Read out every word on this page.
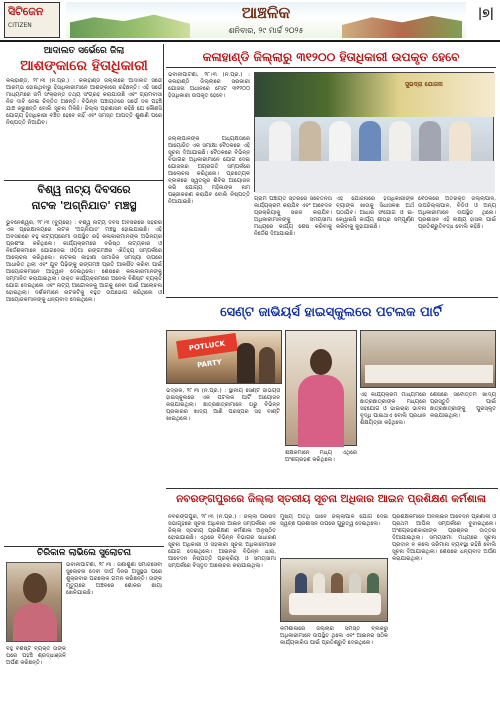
ସିଟିଜେନ
CITIZEN
ଆଞ୍ଚଳିକ
ଶନିବାର, ୨୯ ମାର୍ଚ୍ଚ ୨୦୨୫
|୭|
ଆଦାଲତ ସର୍ଭେରେ ଜିଲା
ଆଶଙ୍କାରେ ହିତାଧିକାରୀ
କଳାହାଣ୍ଡି, ୨୮।୩ (ନି.ପ୍ର.) : କଳାହାଣ୍ଡି ଜିଲ୍ଲାରେ ଆଦାଲତ ସର୍ଭେ ଆରମ୍ଭ ହୋଇଥିବାରୁ ହିତାଧିକାରୀମାନେ ଆଶଙ୍କାରେ ରହିଛନ୍ତି। ଏହି ସର୍ଭେ ମାଧ୍ୟମରେ ଜମି ସଂକ୍ରାନ୍ତ ତଥ୍ୟ ସଂଗ୍ରହ କରାଯାଉଛି ଏବଂ ଗ୍ରାମବାସୀ ନିଜ ଦାବି ନେଇ ଚିନ୍ତିତ ଅଛନ୍ତି। ବିଭିନ୍ନ ପଞ୍ଚାୟତରେ ସର୍ଭେ ଦଳ ପହଞ୍ଚି ଯାଞ୍ଚ କରୁଛନ୍ତି ବୋଲି ସୂଚନା ମିଳିଛି। ଜିଲ୍ଲା ପ୍ରଶାସନ କହିଛି ଯେ କୌଣସି ଯୋଗ୍ୟ ହିତାଧିକାରୀ ବଞ୍ଚିତ ହେବେ ନାହିଁ ଏବଂ ସମସ୍ତ ଆପତ୍ତି ଶୁଣାଣି ପରେ ନିଷ୍ପତ୍ତି ନିଆଯିବ।
ବିଶ୍ୱ ନାଟ୍ୟ ଦିବସରେ
ନାଟକ 'ଅଗ୍ନିଯାତ' ମଞ୍ଚସ୍ଥ
ଭୁବନେଶ୍ୱର, ୨୮।୩ (ବ୍ୟୁରୋ) : ବିଶ୍ୱ ନାଟ୍ୟ ଦିବସ ଅବସରରେ ସହରର ଏକ ପ୍ରେକ୍ଷାଳୟରେ ନାଟକ 'ଅଗ୍ନିଯାତ' ମଞ୍ଚସ୍ଥ ହୋଇଯାଇଛି। ଏହି ଅବସରରେ ବହୁ ନାଟ୍ୟପ୍ରେମୀ ଉପସ୍ଥିତ ରହି କଳାକାରମାନଙ୍କ ଅଭିନୟର ପ୍ରଶଂସା କରିଥିଲେ। କାର୍ଯ୍ୟକ୍ରମରେ ବରିଷ୍ଠ ନାଟ୍ୟକାର ଓ ନିର୍ଦ୍ଦେଶକମାନେ ଯୋଗଦେଇ ଓଡ଼ିଆ ରଙ୍ଗମଞ୍ଚର ଐତିହ୍ୟ ସମ୍ପର୍କରେ ଆଲୋଚନା କରିଥିଲେ। ନାଟକର କାହାଣୀ ସାମାଜିକ ସମସ୍ୟା ଉପରେ ଆଧାରିତ ଥିଲା ଏବଂ ଯୁବ ପିଢ଼ିଙ୍କୁ ରଙ୍ଗମଞ୍ଚ ପ୍ରତି ଆକର୍ଷିତ କରିବା ପାଇଁ ଆୟୋଜକମାନେ ଆହ୍ୱାନ ଦେଇଥିଲେ। ଶେଷରେ କଳାକାରମାନଙ୍କୁ ସମ୍ମାନିତ କରାଯାଇଥିଲା। ଉକ୍ତ କାର୍ଯ୍ୟକ୍ରମରେ ଅନେକ ବିଶିଷ୍ଟ ବ୍ୟକ୍ତି ଯୋଗ ଦେଇଥିଲେ ଏବଂ ନାଟ୍ୟ ଆନ୍ଦୋଳନକୁ ଆଗକୁ ନେବା ପାଇଁ ଆଲୋଚନା ହୋଇଥିଲା। ଦର୍ଶକମାନେ ନାଟକଟିକୁ ବହୁତ ଉପଭୋଗ କରିଥିଲେ ଓ ଆୟୋଜକମାନଙ୍କୁ ଧନ୍ୟବାଦ ଦେଇଥିଲେ।
ଚିରିକାଳ ଲାଭିଲେ ସୁଲୋଚନା
ଭବାନୀପାଟଣା, ୨୮।୩ : ଜଣାଶୁଣା ସମାଜସେବୀ ସୁଲୋଚନା ଦେବୀ ଦୀର୍ଘ ଦିନର ଅସୁସ୍ଥତା ପରେ ଶୁକ୍ରବାର ପରଲୋକ ଗମନ କରିଛନ୍ତି। ତାଙ୍କ ମୃତ୍ୟୁରେ ଅଞ୍ଚଳରେ ଶୋକର ଛାୟା ଖେଳିଯାଇଛି।
ବହୁ ବିଶିଷ୍ଟ ବ୍ୟକ୍ତି ତାଙ୍କ ଘରେ ପହଞ୍ଚି ଶ୍ରଦ୍ଧାଞ୍ଜଳି ଅର୍ପଣ କରିଛନ୍ତି।
କଳାହାଣ୍ଡି ଜିଲ୍ଲାରୁ ୩୧୨୦୦ ହିତାଧିକାରୀ ଉପକୃତ ହେବେ
ଭବାନୀପାଟଣା, ୨୮।୩ (ନି.ପ୍ର.) : କଳାହାଣ୍ଡି ଜିଲ୍ଲାରେ ସରକାରୀ ଯୋଜନା ଅଧୀନରେ ମୋଟ ୩୧୨୦୦ ହିତାଧିକାରୀ ଉପକୃତ ହେବେ।
ସୁଭଦ୍ରା ଯୋଜନା
ଜିଲ୍ଲାପାଳଙ୍କ ଅଧ୍ୟକ୍ଷତାରେ ଆୟୋଜିତ ଏକ ସମୀକ୍ଷା ବୈଠକରେ ଏହି ସୂଚନା ଦିଆଯାଇଛି। ବୈଠକରେ ବିଭିନ୍ନ ବିଭାଗର ଅଧିକାରୀମାନେ ଯୋଗ ଦେଇ ଯୋଜନାର ଅଗ୍ରଗତି ସମ୍ପର୍କରେ ଆଲୋଚନା କରିଥିଲେ। ପ୍ରତ୍ୟେକ ବ୍ଲକରେ ସ୍ୱତନ୍ତ୍ର ଶିବିର ଆୟୋଜନ କରି ଯୋଗ୍ୟ ମହିଳାଙ୍କ ନାମ ପଞ୍ଜୀକରଣ କରାଯିବ ବୋଲି ନିଷ୍ପତ୍ତି ନିଆଯାଇଛି।	ଗ୍ରାମ ପଞ୍ଚାୟତ ସ୍ତରରେ ସଚେତନତା କାର୍ଯ୍ୟକ୍ରମ କରାଯିବ ଏବଂ ଆବେଦନ ପ୍ରକ୍ରିୟାକୁ ସରଳ କରାଯିବ। ଅଧିକାରୀମାନଙ୍କୁ ସମୟସୀମା ମଧ୍ୟରେ କାର୍ଯ୍ୟ ଶେଷ କରିବାକୁ ନିର୍ଦ୍ଦେଶ ଦିଆଯାଇଛି।
ଏହି ଯୋଜନାରେ ହିତାଧିକାରୀଙ୍କ ବ୍ୟାଙ୍କ ଖାତାକୁ ସିଧାସଳଖ ଅର୍ଥ ପଠାଯିବ। ଆଧାର ସଂଯୋଗ ଓ ଇ-କେୱାଇସି କାର୍ଯ୍ୟ ଶୀଘ୍ର ସମ୍ପୂର୍ଣ୍ଣ କରିବାକୁ କୁହାଯାଇଛି।
ବୈଠକରେ ଅତିରିକ୍ତ ଜିଲ୍ଲାପାଳ, ଉପଜିଲ୍ଲାପାଳ, ବିଡିଓ ଓ ଅନ୍ୟ ଅଧିକାରୀମାନେ ଉପସ୍ଥିତ ଥିଲେ। ପ୍ରଶାସନ ଏହି ଲକ୍ଷ୍ୟ ହାସଲ ପାଇଁ ପ୍ରତିଶ୍ରୁତିବଦ୍ଧ ବୋଲି କହିଛି।
ସେଣ୍ଟ ଜାଭିୟର୍ସ ହାଇସ୍କୁଲରେ ପଟଲକ ପାର୍ଟି
POTLUCK PARTY
ଭଦ୍ରକ, ୨୮।୩ (ନି.ପ୍ର.) : ସ୍ଥାନୀୟ ସେଣ୍ଟ ଜାଭିୟର୍ସ ହାଇସ୍କୁଲରେ ଏକ ପଟଲକ ପାର୍ଟି ଆୟୋଜନ କରାଯାଇଥିଲା। ଛାତ୍ରଛାତ୍ରୀମାନେ ଘରୁ ବିଭିନ୍ନ ପ୍ରକାରର ଖାଦ୍ୟ ଆଣି ପରସ୍ପର ସହ ବାଣ୍ଟି ଖାଇଥିଲେ।
ଶିକ୍ଷକମାନେ ମଧ୍ୟ ଏଥିରେ ଅଂଶଗ୍ରହଣ କରିଥିଲେ।
ଏହି କାର୍ଯ୍ୟକ୍ରମ ମାଧ୍ୟମରେ ଛାତ୍ରଛାତ୍ରୀଙ୍କ ମଧ୍ୟରେ ସହଯୋଗ ଓ ଭାଇଚାରା ଭାବନା ବୃଦ୍ଧି ପାଇଥାଏ ବୋଲି ପ୍ରଧାନ ଶିକ୍ଷୟିତ୍ରୀ କହିଥିଲେ।
ଶେଷରେ ସର୍ବୋତ୍ତମ ଖାଦ୍ୟ ପ୍ରସ୍ତୁତି ପାଇଁ ଛାତ୍ରଛାତ୍ରୀଙ୍କୁ ପୁରସ୍କୃତ କରାଯାଇଥିଲା।
ନବରଙ୍ଗପୁରରେ ଜିଲ୍ଲା ସ୍ତରୀୟ ସୂଚନା ଅଧିକାର ଆଇନ ପ୍ରଶିକ୍ଷଣ କର୍ମଶାଳା
ନବରଙ୍ଗପୁର, ୨୮।୩ (ନି.ପ୍ର.) : ଜିଲ୍ଲା ପରିଷଦ ସଭାଗୃହରେ ସୂଚନା ଅଧିକାର ଆଇନ ସମ୍ପର୍କରେ ଏକ ଜିଲ୍ଲା ସ୍ତରୀୟ ପ୍ରଶିକ୍ଷଣ କର୍ମଶାଳା ଅନୁଷ୍ଠିତ ହୋଇଯାଇଛି। ଏଥିରେ ବିଭିନ୍ନ ବିଭାଗର ସାଧାରଣ ସୂଚନା ଅଧିକାରୀ ଓ ସହକାରୀ ସୂଚନା ଅଧିକାରୀମାନେ ଯୋଗ ଦେଇଥିଲେ। ଆଇନର ବିଭିନ୍ନ ଧାରା, ଆବେଦନ ନିଷ୍ପତ୍ତି ପ୍ରକ୍ରିୟା ଓ ସମୟସୀମା ସମ୍ପର୍କରେ ବିସ୍ତୃତ ଆଲୋଚନା କରାଯାଇଥିଲା।
ମୁଖ୍ୟ ଅତିଥି ଭାବେ ଜିଲ୍ଲାପାଳ ଯୋଗ ଦେଇ ସ୍ୱଚ୍ଛ ପ୍ରଶାସନ ଉପରେ ଗୁରୁତ୍ୱ ଦେଇଥିଲେ।
କର୍ମଶାଳାରେ ଜିଲ୍ଲାର ସମସ୍ତ ବ୍ଲକରୁ ଅଧିକାରୀମାନେ ଉପସ୍ଥିତ ଥିଲେ ଏବଂ ଆଇନର ସଠିକ କାର୍ଯ୍ୟକାରିତା ପାଇଁ ପ୍ରତିଶ୍ରୁତି ଦେଇଥିଲେ।
ପ୍ରଶିକ୍ଷକମାନେ ଅନଲାଇନ ଆବେଦନ ପ୍ରଣାଳୀ ଓ ପ୍ରଥମ ଆପିଲ ସମ୍ପର୍କରେ ବୁଝାଇଥିଲେ। ଅଂଶଗ୍ରହଣକାରୀଙ୍କ ପ୍ରଶ୍ନର ଉତ୍ତର ଦିଆଯାଇଥିଲା। ସମୟସୀମା ମଧ୍ୟରେ ସୂଚନା ପ୍ରଦାନ ନ କଲେ ଜରିମାନା ବ୍ୟବସ୍ଥା ରହିଛି ବୋଲି ସୂଚନା ଦିଆଯାଇଥିଲା। ଶେଷରେ ଧନ୍ୟବାଦ ଅର୍ପଣ କରାଯାଇଥିଲା।
